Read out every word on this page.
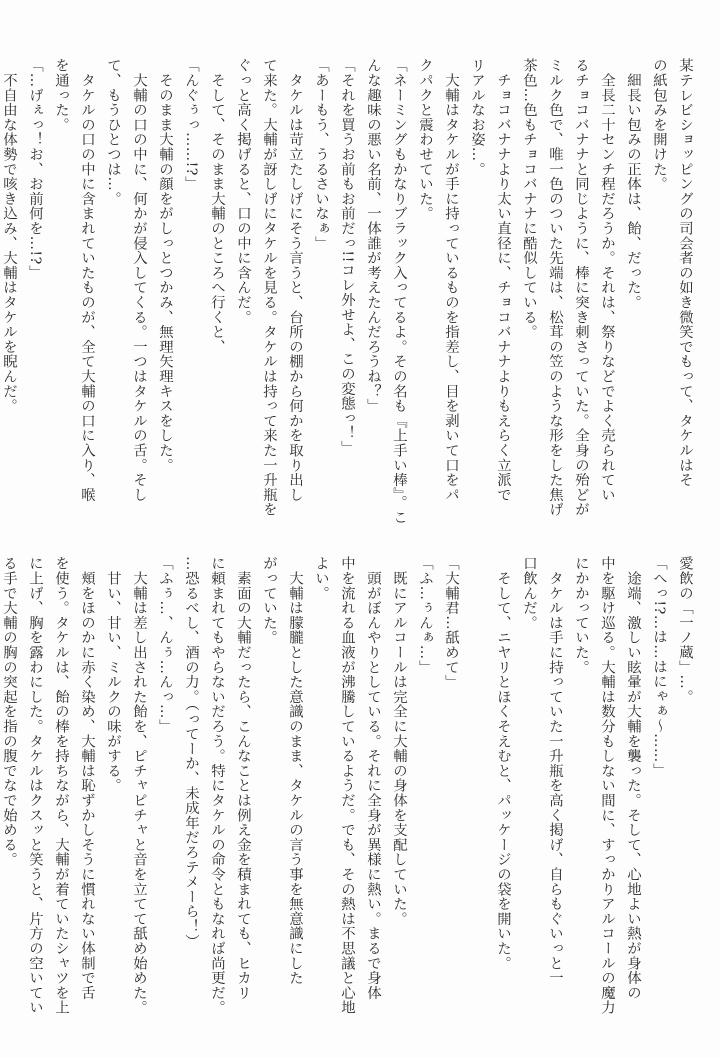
某テレビショッピングの司会者の如き微笑でもって、タケルはそ
の紙包みを開けた。
　細長い包みの正体は、飴、だった。
　全長二十センチ程だろうか。それは、祭りなどでよく売られてい
るチョコバナナと同じように、棒に突き刺さっていた。全身の殆どが
ミルク色で、唯一色のついた先端は、松茸の笠のような形をした焦げ
茶色…色もチョコバナナに酷似している。
　チョコバナナより太い直径に、チョコバナナよりもえらく立派で
リアルなお姿…。
　大輔はタケルが手に持っているものを指差し、目を剥いて口をパ
クパクと震わせていた。
「ネーミングもかなりブラック入ってるよ。その名も『上手い棒』。こ
んな趣味の悪い名前、一体誰が考えたんだろうね？」
「それを買うお前もお前だっ!!コレ外せよ、この変態っ！」
「あーもう、うるさいなぁ」
　タケルは苛立たしげにそう言うと、台所の棚から何かを取り出し
て来た。大輔が訝しげにタケルを見る。タケルは持って来た一升瓶を
ぐっと高く掲げると、口の中に含んだ。
　そして、そのまま大輔のところへ行くと、
「んぐぅっ……!?」
　そのまま大輔の顔をがしっとつかみ、無理矢理キスをした。
　大輔の口の中に、何かが侵入してくる。一つはタケルの舌。そし
て、もうひとつは…。
　タケルの口の中に含まれていたものが、全て大輔の口に入り、喉
を通った。
「…げぇっ！お、お前何を…!?」
　不自由な体勢で咳き込み、大輔はタケルを睨んだ。
愛飲の「一ノ蔵」…。
「へっ!?…は…はにゃぁ〜……」
　途端、激しい眩暈が大輔を襲った。そして、心地よい熱が身体の
中を駆け巡る。大輔は数分もしない間に、すっかりアルコールの魔力
にかかっていた。
　タケルは手に持っていた一升瓶を高く掲げ、自らもぐいっと一
口飲んだ。
　そして、ニヤリとほくそえむと、パッケージの袋を開いた。

「大輔君…舐めて」
「ふ…ぅんぁ…」
　既にアルコールは完全に大輔の身体を支配していた。
　頭がぼんやりとしている。それに全身が異様に熱い。まるで身体
中を流れる血液が沸騰しているようだ。でも、その熱は不思議と心地
よい。
　大輔は朦朧とした意識のまま、タケルの言う事を無意識にした
がっていた。
　素面の大輔だったら、こんなことは例え金を積まれても、ヒカリ
に頼まれてもやらないだろう。特にタケルの命令ともなれば尚更だ。
…恐るべし、酒の力。（ってーか、未成年だろテメーら！）
「ふぅ…、んぅ…んっ…」
　大輔は差し出された飴を、ピチャピチャと音を立てて舐め始めた。
　甘い、甘い、ミルクの味がする。
　頬をほのかに赤く染め、大輔は恥ずかしそうに慣れない体制で舌
を使う。タケルは、飴の棒を持ちながら、大輔が着ていたシャツを上
に上げ、胸を露わにした。タケルはクスッと笑うと、片方の空いてい
る手で大輔の胸の突起を指の腹でなで始める。
